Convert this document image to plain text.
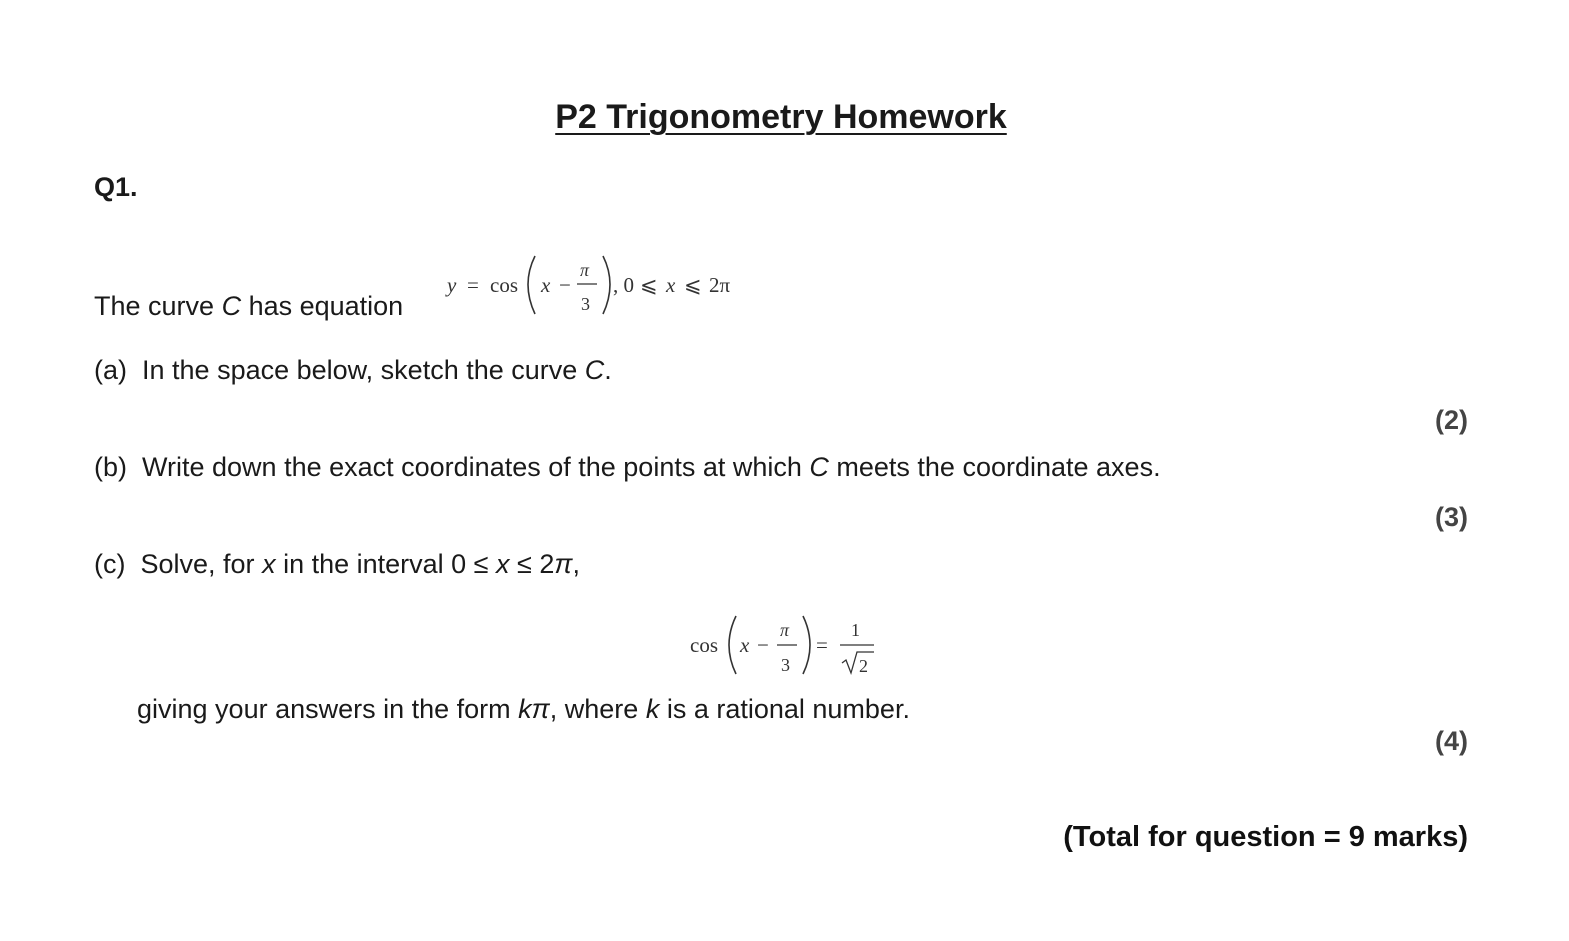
P2 Trigonometry Homework
Q1.
The curve C has equation
y = cos x −
π
3
, 0 ⩽ x ⩽ 2π
(a) In the space below, sketch the curve C.
(2)
(b) Write down the exact coordinates of the points at which C meets the coordinate axes.
(3)
(c) Solve, for x in the interval 0 ≤ x ≤ 2π,
cos x −
π
3
=
1
2
giving your answers in the form kπ, where k is a rational number.
(4)
(Total for question = 9 marks)
